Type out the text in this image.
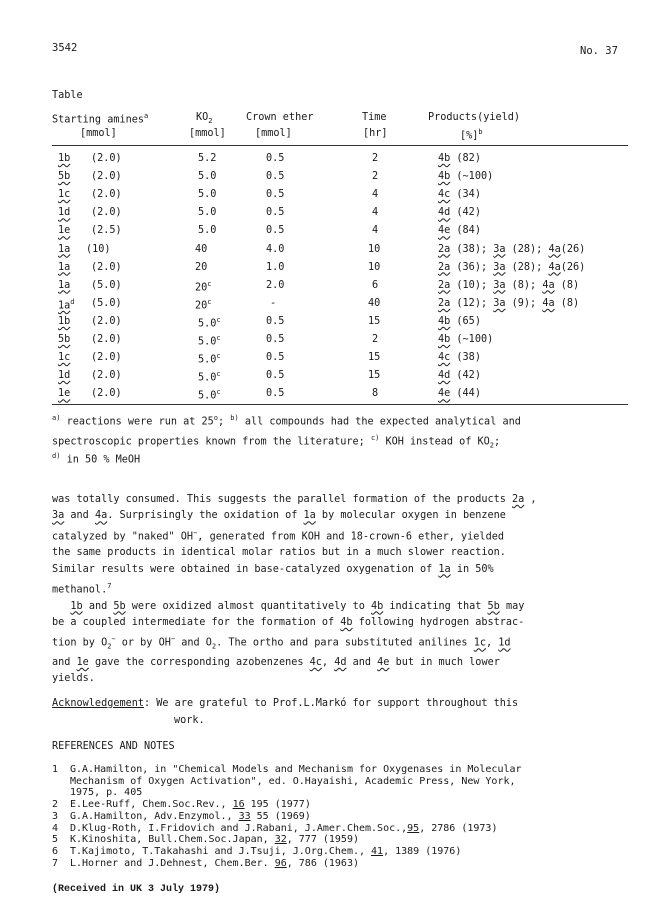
3542	No. 37
Table
Starting amines$^a$	$KO_2$	Crown ether	Time	Products(yield)
[mmol]	[mmol]	[mmol]	[hr]	[%]$^b$
1b (2.0)	5.2	0.5	2	4b (82)
5b (2.0)	5.0	0.5	2	4b (∼100)
1c (2.0)	5.0	0.5	4	4c (34)
1d (2.0)	5.0	0.5	4	4d (42)
1e (2.5)	5.0	0.5	4	4e (84)
1a (10)	40	4.0	10	2a (38); 3a (28); 4a(26)
1a (2.0)	20	1.0	10	2a (36); 3a (28); 4a(26)
1a (5.0)	20$^c$	2.0	6	2a (10); 3a (8); 4a (8)
$1a^d$ (5.0)	20$^c$	-	40	2a (12); 3a (9); 4a (8)
1b (2.0)	5.0$^c$	0.5	15	4b (65)
5b (2.0)	5.0$^c$	0.5	2	4b (∼100)
1c (2.0)	5.0$^c$	0.5	15	4c (38)
1d (2.0)	5.0$^c$	0.5	15	4d (42)
1e (2.0)	5.0$^c$	0.5	8	4e (44)
$^{a)}$ reactions were run at 25$^o$; $^{b)}$ all compounds had the expected analytical and
spectroscopic properties known from the literature; $^{c)}$ KOH instead of $KO_2$;
$^{d)}$ in 50 % MeOH
was totally consumed. This suggests the parallel formation of the products 2a ,
3a and 4a. Surprisingly the oxidation of 1a by molecular oxygen in benzene
catalyzed by "naked" OH−, generated from KOH and 18-crown-6 ether, yielded
the same products in identical molar ratios but in a much slower reaction.
Similar results were obtained in base-catalyzed oxygenation of 1a in 50%
methanol.$^7$
1b and 5b were oxidized almost quantitatively to 4b indicating that 5b may
be a coupled intermediate for the formation of 4b following hydrogen abstrac-
tion by $O_2^-$ or by OH− and $O_2$. The ortho and para substituted anilines 1c, 1d
and 1e gave the corresponding azobenzenes 4c, 4d and 4e but in much lower
yields.
Acknowledgement: We are grateful to Prof.L.Markó for support throughout this
work.
REFERENCES AND NOTES
1 G.A.Hamilton, in "Chemical Models and Mechanism for Oxygenases in Molecular
Mechanism of Oxygen Activation", ed. O.Hayaishi, Academic Press, New York,
1975, p. 405
2 E.Lee-Ruff, Chem.Soc.Rev., 16 195 (1977)
3 G.A.Hamilton, Adv.Enzymol., 33 55 (1969)
4 D.Klug-Roth, I.Fridovich and J.Rabani, J.Amer.Chem.Soc.,95, 2786 (1973)
5 K.Kinoshita, Bull.Chem.Soc.Japan, 32, 777 (1959)
6 T.Kajimoto, T.Takahashi and J.Tsuji, J.Org.Chem., 41, 1389 (1976)
7 L.Horner and J.Dehnest, Chem.Ber. 96, 786 (1963)
(Received in UK 3 July 1979)
